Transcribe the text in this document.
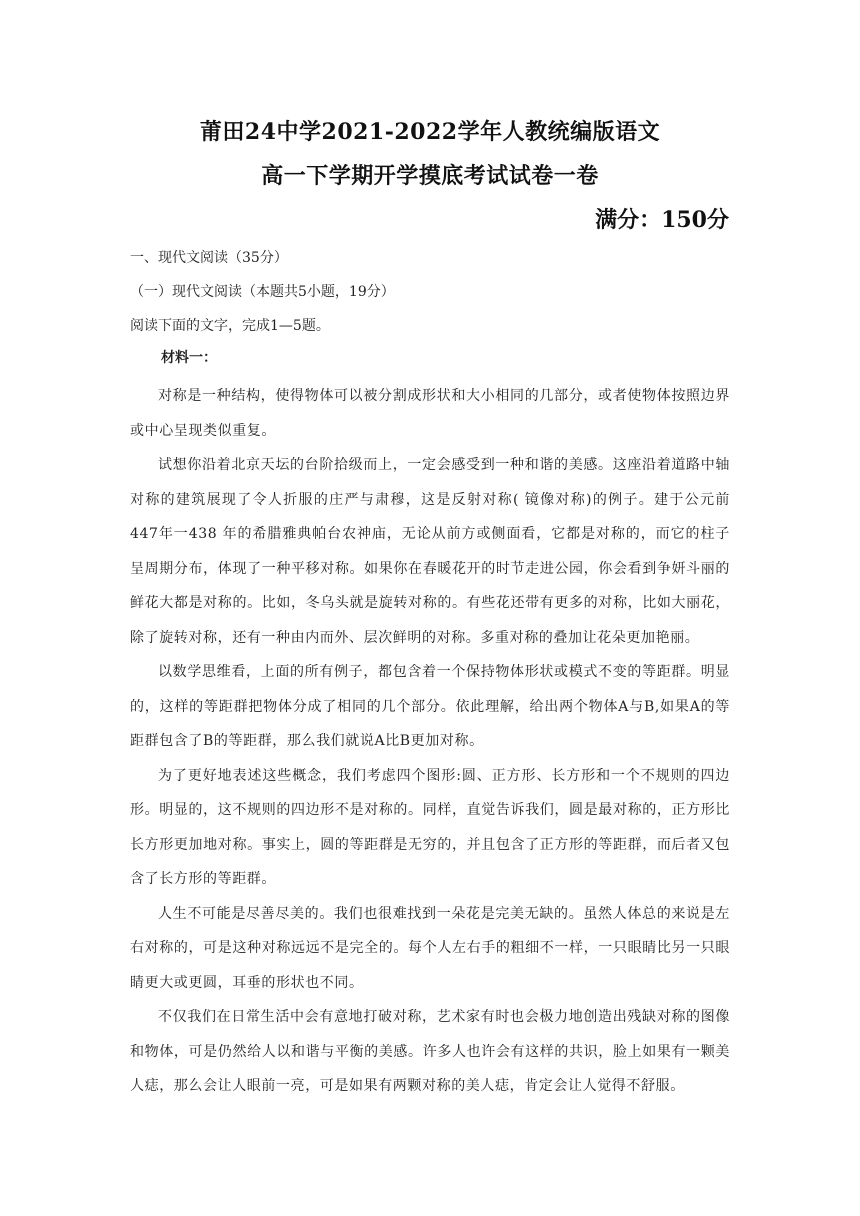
莆田24中学2021-2022学年人教统编版语文
高一下学期开学摸底考试试卷一卷
满分：150分
一、现代文阅读（35分）
（一）现代文阅读（本题共5小题，19分）
阅读下面的文字，完成1—5题。
材料一：

对称是一种结构，使得物体可以被分割成形状和大小相同的几部分，或者使物体按照边界或中心呈现类似重复。

试想你沿着北京天坛的台阶拾级而上，一定会感受到一种和谐的美感。这座沿着道路中轴对称的建筑展现了令人折服的庄严与肃穆，这是反射对称( 镜像对称)的例子。建于公元前447年一438 年的希腊雅典帕台农神庙，无论从前方或侧面看，它都是对称的，而它的柱子呈周期分布，体现了一种平移对称。如果你在春暖花开的时节走进公园，你会看到争妍斗丽的鲜花大都是对称的。比如，冬乌头就是旋转对称的。有些花还带有更多的对称，比如大丽花，除了旋转对称，还有一种由内而外、层次鲜明的对称。多重对称的叠加让花朵更加艳丽。

以数学思维看，上面的所有例子，都包含着一个保持物体形状或模式不变的等距群。明显的，这样的等距群把物体分成了相同的几个部分。依此理解，给出两个物体A与B,如果A的等距群包含了B的等距群，那么我们就说A比B更加对称。

为了更好地表述这些概念，我们考虑四个图形:圆、正方形、长方形和一个不规则的四边形。明显的，这不规则的四边形不是对称的。同样，直觉告诉我们，圆是最对称的，正方形比长方形更加地对称。事实上，圆的等距群是无穷的，并且包含了正方形的等距群，而后者又包含了长方形的等距群。

人生不可能是尽善尽美的。我们也很难找到一朵花是完美无缺的。虽然人体总的来说是左右对称的，可是这种对称远远不是完全的。每个人左右手的粗细不一样，一只眼睛比另一只眼睛更大或更圆，耳垂的形状也不同。

不仅我们在日常生活中会有意地打破对称，艺术家有时也会极力地创造出残缺对称的图像和物体，可是仍然给人以和谐与平衡的美感。许多人也许会有这样的共识，脸上如果有一颗美人痣，那么会让人眼前一亮，可是如果有两颗对称的美人痣，肯定会让人觉得不舒服。
